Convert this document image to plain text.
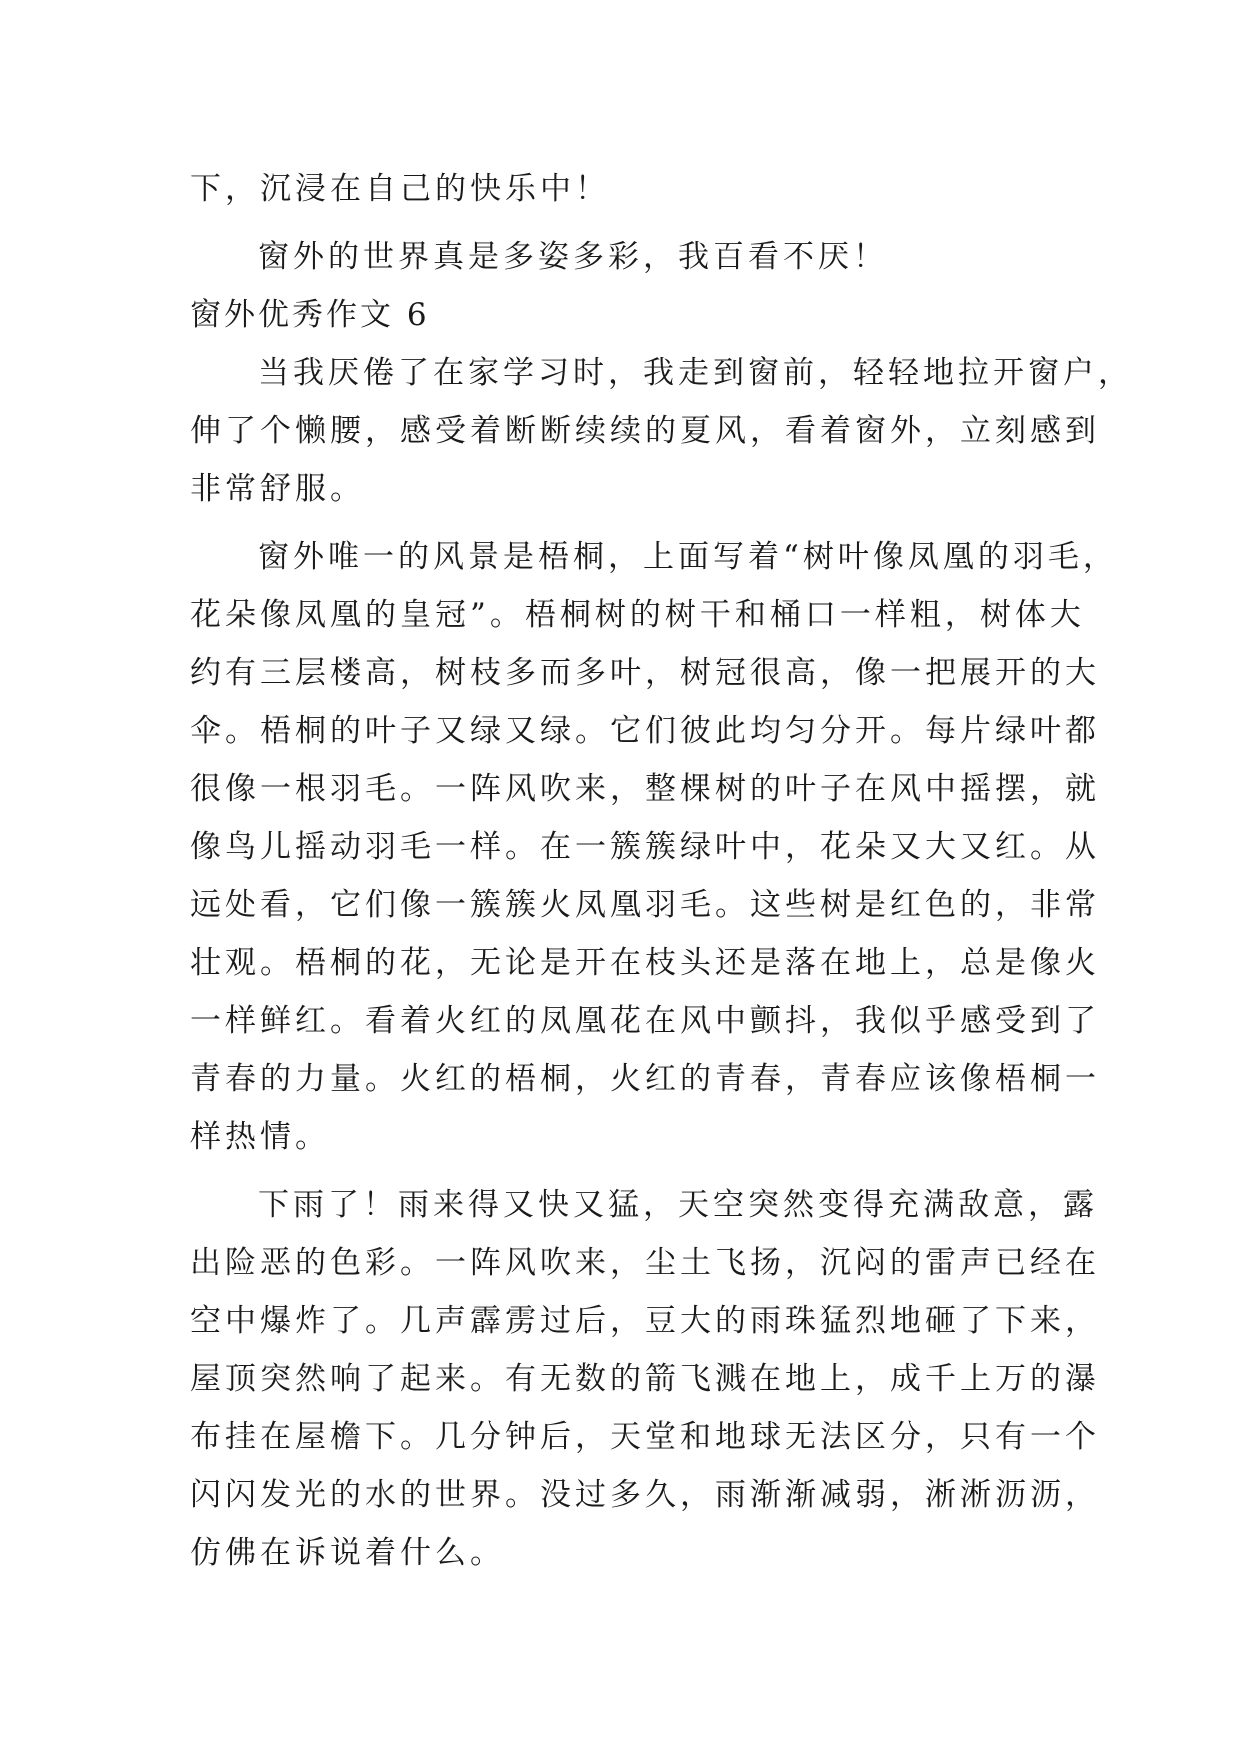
下，沉浸在自己的快乐中！
窗外的世界真是多姿多彩，我百看不厌！
窗外优秀作文 6
当我厌倦了在家学习时，我走到窗前，轻轻地拉开窗户，
伸了个懒腰，感受着断断续续的夏风，看着窗外，立刻感到
非常舒服。
窗外唯一的风景是梧桐，上面写着“树叶像凤凰的羽毛，
花朵像凤凰的皇冠”。梧桐树的树干和桶口一样粗，树体大
约有三层楼高，树枝多而多叶，树冠很高，像一把展开的大
伞。梧桐的叶子又绿又绿。它们彼此均匀分开。每片绿叶都
很像一根羽毛。一阵风吹来，整棵树的叶子在风中摇摆，就
像鸟儿摇动羽毛一样。在一簇簇绿叶中，花朵又大又红。从
远处看，它们像一簇簇火凤凰羽毛。这些树是红色的，非常
壮观。梧桐的花，无论是开在枝头还是落在地上，总是像火
一样鲜红。看着火红的凤凰花在风中颤抖，我似乎感受到了
青春的力量。火红的梧桐，火红的青春，青春应该像梧桐一
样热情。
下雨了！雨来得又快又猛，天空突然变得充满敌意，露
出险恶的色彩。一阵风吹来，尘土飞扬，沉闷的雷声已经在
空中爆炸了。几声霹雳过后，豆大的雨珠猛烈地砸了下来，
屋顶突然响了起来。有无数的箭飞溅在地上，成千上万的瀑
布挂在屋檐下。几分钟后，天堂和地球无法区分，只有一个
闪闪发光的水的世界。没过多久，雨渐渐减弱，淅淅沥沥，
仿佛在诉说着什么。
